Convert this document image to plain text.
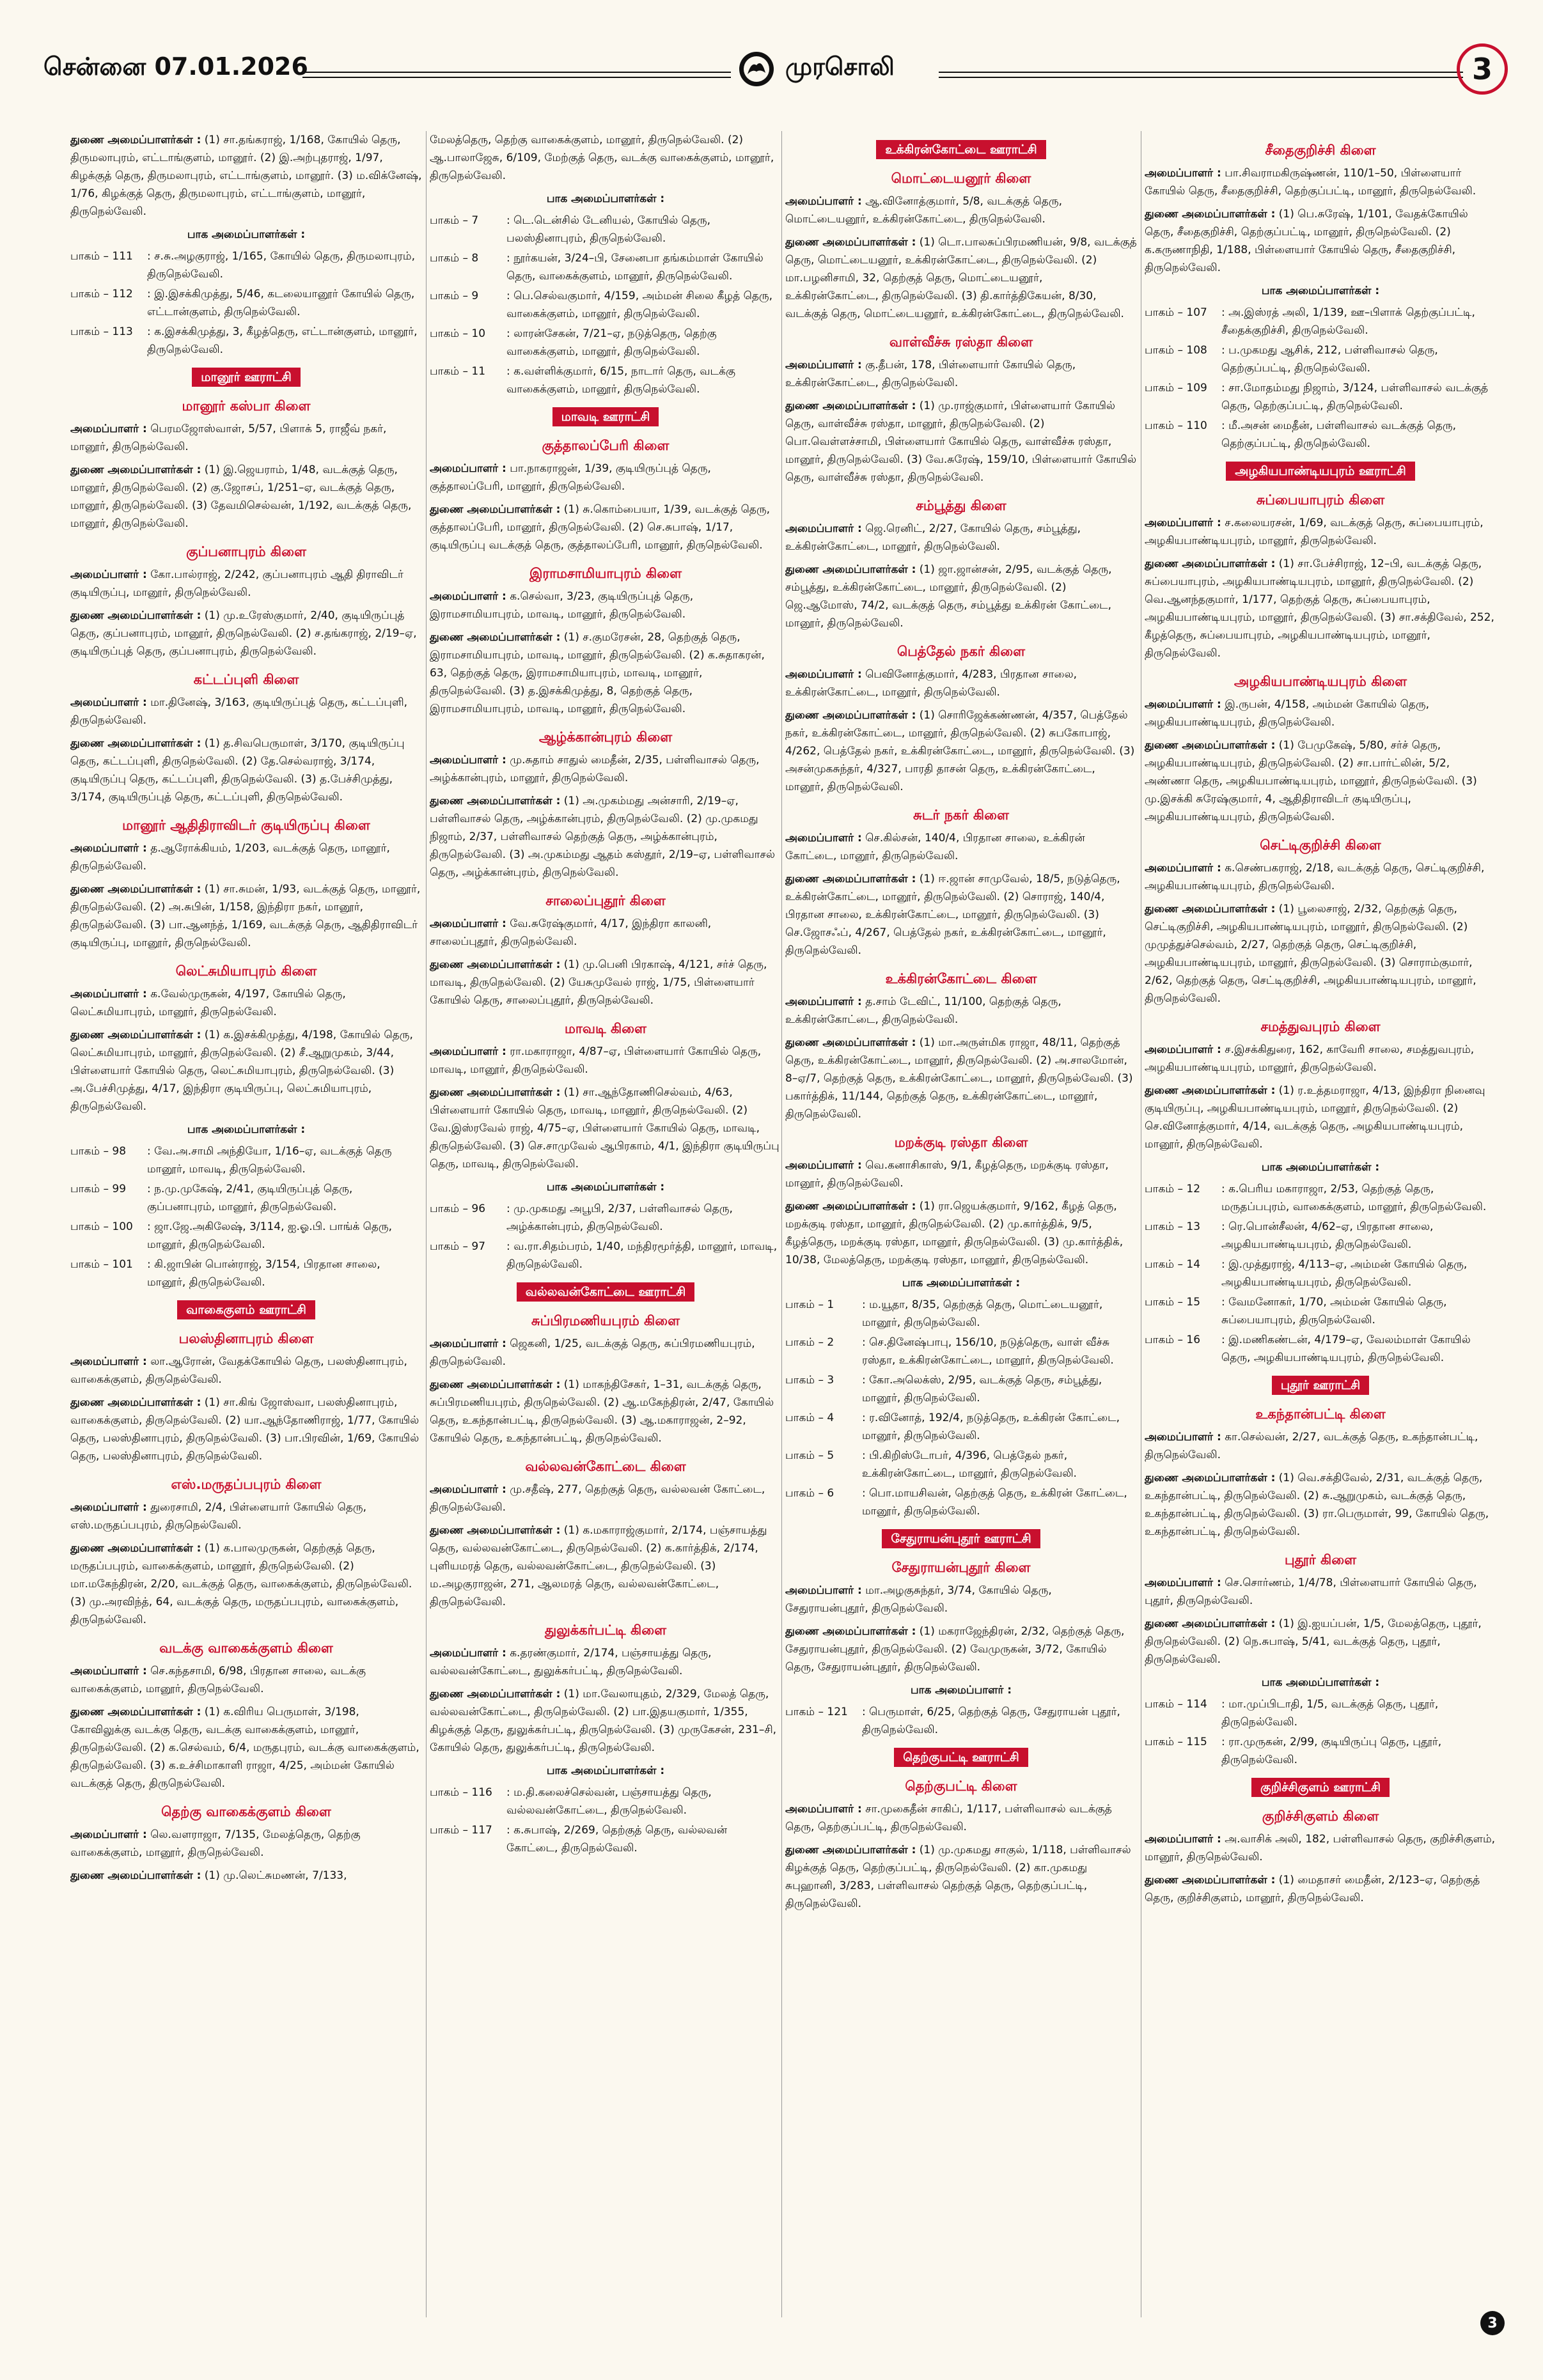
சென்னை 07.01.2026	முரசொலி	3
துணை அமைப்பாளர்கள் : (1) சா.தங்கராஜ், 1/168, கோயில் தெரு, திருமலாபுரம், எட்டாங்குளம், மானூர். (2) இ.அற்புதராஜ், 1/97, கிழக்குத் தெரு, திருமலாபுரம், எட்டாங்குளம், மானூர். (3) ம.விக்னேஷ், 1/76, கிழக்குத் தெரு, திருமலாபுரம், எட்டாங்குளம், மானூர், திருநெல்வேலி.
பாக அமைப்பாளர்கள் :
பாகம் – 111	: ச.சு.அழகுராஜ், 1/165, கோயில் தெரு, திருமலாபுரம், திருநெல்வேலி.
பாகம் – 112	: இ.இசக்கிமுத்து, 5/46, கடலையானூர் கோயில் தெரு, எட்டான்குளம், திருநெல்வேலி.
பாகம் – 113	: க.இசக்கிமுத்து, 3, கீழத்தெரு, எட்டான்குளம், மானூர், திருநெல்வேலி.
மானூர் ஊராட்சி
மானூர் கஸ்பா கிளை
அமைப்பாளர் : பெரமஜோஸ்வாள், 5/57, பிளாக் 5, ராஜீவ் நகர், மானூர், திருநெல்வேலி.
துணை அமைப்பாளர்கள் : (1) இ.ஜெயராம், 1/48, வடக்குத் தெரு, மானூர், திருநெல்வேலி. (2) கு.ஜோசப், 1/251–ஏ, வடக்குத் தெரு, மானூர், திருநெல்வேலி. (3) தேவமிசெல்வன், 1/192, வடக்குத் தெரு, மானூர், திருநெல்வேலி.
குப்பனாபுரம் கிளை
அமைப்பாளர் : கோ.பால்ராஜ், 2/242, குப்பனாபுரம் ஆதி திராவிடர் குடியிருப்பு, மானூர், திருநெல்வேலி.
துணை அமைப்பாளர்கள் : (1) மு.உரேஸ்குமார், 2/40, குடியிருப்புத் தெரு, குப்பனாபுரம், மானூர், திருநெல்வேலி. (2) ச.தங்கராஜ், 2/19–ஏ, குடியிருப்புத் தெரு, குப்பனாபுரம், திருநெல்வேலி.
கட்டப்புளி கிளை
அமைப்பாளர் : மா.தினேஷ், 3/163, குடியிருப்புத் தெரு, கட்டப்புளி, திருநெல்வேலி.
துணை அமைப்பாளர்கள் : (1) த.சிவபெருமாள், 3/170, குடியிருப்பு தெரு, கட்டப்புளி, திருநெல்வேலி. (2) தே.செல்வராஜ், 3/174, குடியிருப்பு தெரு, கட்டப்புளி, திருநெல்வேலி. (3) த.பேச்சிமுத்து, 3/174, குடியிருப்புத் தெரு, கட்டப்புளி, திருநெல்வேலி.
மானூர் ஆதிதிராவிடர் குடியிருப்பு கிளை
அமைப்பாளர் : த.ஆரோக்கியம், 1/203, வடக்குத் தெரு, மானூர், திருநெல்வேலி.
துணை அமைப்பாளர்கள் : (1) சா.சுமன், 1/93, வடக்குத் தெரு, மானூர், திருநெல்வேலி. (2) அ.சுபின், 1/158, இந்திரா நகர், மானூர், திருநெல்வேலி. (3) பா.ஆனந்த், 1/169, வடக்குத் தெரு, ஆதிதிராவிடர் குடியிருப்பு, மானூர், திருநெல்வேலி.
லெட்சுமியாபுரம் கிளை
அமைப்பாளர் : க.வேல்முருகன், 4/197, கோயில் தெரு, லெட்சுமியாபுரம், மானூர், திருநெல்வேலி.
துணை அமைப்பாளர்கள் : (1) க.இசக்கிமுத்து, 4/198, கோயில் தெரு, லெட்சுமியாபுரம், மானூர், திருநெல்வேலி. (2) சீ.ஆறுமுகம், 3/44, பிள்ளையார் கோயில் தெரு, லெட்சுமியாபுரம், திருநெல்வேலி. (3) அ.பேச்சிமுத்து, 4/17, இந்திரா குடியிருப்பு, லெட்சுமியாபுரம், திருநெல்வேலி.
பாக அமைப்பாளர்கள் :
பாகம் – 98	: வே.அ.சாமி அந்தியோ, 1/16–ஏ, வடக்குத் தெரு மானூர், மாவடி, திருநெல்வேலி.
பாகம் – 99	: ந.மு.முகேஷ், 2/41, குடியிருப்புத் தெரு, குப்பனாபுரம், மானூர், திருநெல்வேலி.
பாகம் – 100	: ஜா.ஜே.அகிலேஷ், 3/114, ஐ.ஓ.பி. பாங்க் தெரு, மானூர், திருநெல்வேலி.
பாகம் – 101	: கி.ஜாபின் பொன்ராஜ், 3/154, பிரதான சாலை, மானூர், திருநெல்வேலி.
வாகைகுளம் ஊராட்சி
பலஸ்தினாபுரம் கிளை
அமைப்பாளர் : லா.ஆரோன், வேதக்கோயில் தெரு, பலஸ்தினாபுரம், வாகைக்குளம், திருநெல்வேலி.
துணை அமைப்பாளர்கள் : (1) சா.கிங் ஜோஸ்வா, பலஸ்தினாபுரம், வாகைக்குளம், திருநெல்வேலி. (2) யா.ஆந்தோணிராஜ், 1/77, கோயில் தெரு, பலஸ்தினாபுரம், திருநெல்வேலி. (3) பா.பிரவின், 1/69, கோயில் தெரு, பலஸ்தினாபுரம், திருநெல்வேலி.
எஸ்.மருதப்பபுரம் கிளை
அமைப்பாளர் : துரைசாமி, 2/4, பிள்ளையார் கோயில் தெரு, எஸ்.மருதப்பபுரம், திருநெல்வேலி.
துணை அமைப்பாளர்கள் : (1) க.பாலமுருகன், தெற்குத் தெரு, மருதப்பபுரம், வாகைக்குளம், மானூர், திருநெல்வேலி. (2) மா.மகேந்திரன், 2/20, வடக்குத் தெரு, வாகைக்குளம், திருநெல்வேலி. (3) மு.அரவிந்த், 64, வடக்குத் தெரு, மருதப்பபுரம், வாகைக்குளம், திருநெல்வேலி.
வடக்கு வாகைக்குளம் கிளை
அமைப்பாளர் : செ.கந்தசாமி, 6/98, பிரதான சாலை, வடக்கு வாகைக்குளம், மானூர், திருநெல்வேலி.
துணை அமைப்பாளர்கள் : (1) க.விரிய பெருமாள், 3/198, கோவிலுக்கு வடக்கு தெரு, வடக்கு வாகைக்குளம், மானூர், திருநெல்வேலி. (2) க.செல்வம், 6/4, மருதபுரம், வடக்கு வாகைக்குளம், திருநெல்வேலி. (3) க.உச்சிமாகாளி ராஜா, 4/25, அம்மன் கோயில் வடக்குத் தெரு, திருநெல்வேலி.
தெற்கு வாகைக்குளம் கிளை
அமைப்பாளர் : லெ.வளராஜா, 7/135, மேலத்தெரு, தெற்கு வாகைக்குளம், மானூர், திருநெல்வேலி.
துணை அமைப்பாளர்கள் : (1) மு.லெட்சுமணன், 7/133,
மேலத்தெரு, தெற்கு வாகைக்குளம், மானூர், திருநெல்வேலி. (2) ஆ.பாலாஜேசு, 6/109, மேற்குத் தெரு, வடக்கு வாகைக்குளம், மானூர், திருநெல்வேலி.
பாக அமைப்பாளர்கள் :
பாகம் – 7	: டெ.டென்சில் டேனியல், கோயில் தெரு, பலஸ்தினாபுரம், திருநெல்வேலி.
பாகம் – 8	: நூர்கயன், 3/24–பி, சேனைபா தங்கம்மாள் கோயில் தெரு, வாகைக்குளம், மானூர், திருநெல்வேலி.
பாகம் – 9	: பெ.செல்வகுமார், 4/159, அம்மன் சிலை கீழத் தெரு, வாகைக்குளம், மானூர், திருநெல்வேலி.
பாகம் – 10	: லாரன்சேகன், 7/21–ஏ, நடுத்தெரு, தெற்கு வாகைக்குளம், மானூர், திருநெல்வேலி.
பாகம் – 11	: க.வள்ளிக்குமார், 6/15, நாடார் தெரு, வடக்கு வாகைக்குளம், மானூர், திருநெல்வேலி.
மாவடி ஊராட்சி
குத்தாலப்பேரி கிளை
அமைப்பாளர் : பா.நாகராஜன், 1/39, குடியிருப்புத் தெரு, குத்தாலப்பேரி, மானூர், திருநெல்வேலி.
துணை அமைப்பாளர்கள் : (1) சு.கொம்பையா, 1/39, வடக்குத் தெரு, குத்தாலப்பேரி, மானூர், திருநெல்வேலி. (2) செ.சுபாஷ், 1/17, குடியிருப்பு வடக்குத் தெரு, குத்தாலப்பேரி, மானூர், திருநெல்வேலி.
இராமசாமியாபுரம் கிளை
அமைப்பாளர் : க.செல்வா, 3/23, குடியிருப்புத் தெரு, இராமசாமியாபுரம், மாவடி, மானூர், திருநெல்வேலி.
துணை அமைப்பாளர்கள் : (1) ச.குமரேசன், 28, தெற்குத் தெரு, இராமசாமியாபுரம், மாவடி, மானூர், திருநெல்வேலி. (2) க.சுதாகரன், 63, தெற்குத் தெரு, இராமசாமியாபுரம், மாவடி, மானூர், திருநெல்வேலி. (3) த.இசக்கிமுத்து, 8, தெற்குத் தெரு, இராமசாமியாபுரம், மாவடி, மானூர், திருநெல்வேலி.
ஆழ்க்கான்புரம் கிளை
அமைப்பாளர் : மு.சுதாம் சாதுல் மைதீன், 2/35, பள்ளிவாசல் தெரு, அழ்க்கான்புரம், மானூர், திருநெல்வேலி.
துணை அமைப்பாளர்கள் : (1) அ.முகம்மது அன்சாரி, 2/19–ஏ, பள்ளிவாசல் தெரு, அழ்க்கான்புரம், திருநெல்வேலி. (2) மு.முகமது நிஜாம், 2/37, பள்ளிவாசல் தெற்குத் தெரு, அழ்க்கான்புரம், திருநெல்வேலி. (3) அ.முகம்மது ஆதம் கஸ்தூர், 2/19–ஏ, பள்ளிவாசல் தெரு, அழ்க்கான்புரம், திருநெல்வேலி.
சாலைப்புதூர் கிளை
அமைப்பாளர் : வே.சுரேஷ்குமார், 4/17, இந்திரா காலனி, சாலைப்புதூர், திருநெல்வேலி.
துணை அமைப்பாளர்கள் : (1) மு.பெனி பிரகாஷ், 4/121, சர்ச் தெரு, மாவடி, திருநெல்வேலி. (2) யேசுமுவேல் ராஜ், 1/75, பிள்ளையார் கோயில் தெரு, சாலைப்புதூர், திருநெல்வேலி.
மாவடி கிளை
அமைப்பாளர் : ரா.மகாராஜா, 4/87–ஏ, பிள்ளையார் கோயில் தெரு, மாவடி, மானூர், திருநெல்வேலி.
துணை அமைப்பாளர்கள் : (1) சா.ஆந்தோணிசெல்வம், 4/63, பிள்ளையார் கோயில் தெரு, மாவடி, மானூர், திருநெல்வேலி. (2) வே.இஸ்ரவேல் ராஜ், 4/75–ஏ, பிள்ளையார் கோயில் தெரு, மாவடி, திருநெல்வேலி. (3) செ.சாமுவேல் ஆபிரகாம், 4/1, இந்திரா குடியிருப்பு தெரு, மாவடி, திருநெல்வேலி.
பாக அமைப்பாளர்கள் :
பாகம் – 96	: மு.முகமது அபூபி, 2/37, பள்ளிவாசல் தெரு, அழ்க்கான்புரம், திருநெல்வேலி.
பாகம் – 97	: வ.ரா.சிதம்பரம், 1/40, மந்திரமூர்த்தி, மானூர், மாவடி, திருநெல்வேலி.
வல்லவன்கோட்டை ஊராட்சி
சுப்பிரமணியபுரம் கிளை
அமைப்பாளர் : ஜெகனி, 1/25, வடக்குத் தெரு, சுப்பிரமணியபுரம், திருநெல்வேலி.
துணை அமைப்பாளர்கள் : (1) மாகந்திசேகர், 1–31, வடக்குத் தெரு, சுப்பிரமணியபுரம், திருநெல்வேலி. (2) ஆ.மகேந்திரன், 2/47, கோயில் தெரு, உகந்தான்பட்டி, திருநெல்வேலி. (3) ஆ.மகாராஜன், 2–92, கோயில் தெரு, உகந்தான்பட்டி, திருநெல்வேலி.
வல்லவன்கோட்டை கிளை
அமைப்பாளர் : மு.சதீஷ், 277, தெற்குத் தெரு, வல்லவன் கோட்டை, திருநெல்வேலி.
துணை அமைப்பாளர்கள் : (1) க.மகாராஜ்குமார், 2/174, பஞ்சாயத்து தெரு, வல்லவன்கோட்டை, திருநெல்வேலி. (2) க.கார்த்திக், 2/174, புளியமரத் தெரு, வல்லவன்கோட்டை, திருநெல்வேலி. (3) ம.அழகுராஜன், 271, ஆலமரத் தெரு, வல்லவன்கோட்டை, திருநெல்வேலி.
துலுக்கர்பட்டி கிளை
அமைப்பாளர் : க.தரண்குமார், 2/174, பஞ்சாயத்து தெரு, வல்லவன்கோட்டை, துலுக்கர்பட்டி, திருநெல்வேலி.
துணை அமைப்பாளர்கள் : (1) மா.வேலாயுதம், 2/329, மேலத் தெரு, வல்லவன்கோட்டை, திருநெல்வேலி. (2) பா.இதயகுமார், 1/355, கிழக்குத் தெரு, துலுக்கர்பட்டி, திருநெல்வேலி. (3) முருகேசன், 231–சி, கோயில் தெரு, துலுக்கர்பட்டி, திருநெல்வேலி.
பாக அமைப்பாளர்கள் :
பாகம் – 116	: ம.தி.கலைச்செல்வன், பஞ்சாயத்து தெரு, வல்லவன்கோட்டை, திருநெல்வேலி.
பாகம் – 117	: க.சுபாஷ், 2/269, தெற்குத் தெரு, வல்லவன் கோட்டை, திருநெல்வேலி.
உக்கிரன்கோட்டை ஊராட்சி
மொட்டையனூர் கிளை
அமைப்பாளர் : ஆ.வினோத்குமார், 5/8, வடக்குத் தெரு, மொட்டையனூர், உக்கிரன்கோட்டை, திருநெல்வேலி.
துணை அமைப்பாளர்கள் : (1) டொ.பாலசுப்பிரமணியன், 9/8, வடக்குத் தெரு, மொட்டையனூர், உக்கிரன்கோட்டை, திருநெல்வேலி. (2) மா.பழனிசாமி, 32, தெற்குத் தெரு, மொட்டையனூர், உக்கிரன்கோட்டை, திருநெல்வேலி. (3) தி.கார்த்திகேயன், 8/30, வடக்குத் தெரு, மொட்டையனூர், உக்கிரன்கோட்டை, திருநெல்வேலி.
வாள்வீச்சு ரஸ்தா கிளை
அமைப்பாளர் : கு.தீபன், 178, பிள்ளையார் கோயில் தெரு, உக்கிரன்கோட்டை, திருநெல்வேலி.
துணை அமைப்பாளர்கள் : (1) மு.ராஜ்குமார், பிள்ளையார் கோயில் தெரு, வாள்வீச்சு ரஸ்தா, மானூர், திருநெல்வேலி. (2) பொ.வெள்ளச்சாமி, பிள்ளையார் கோயில் தெரு, வாள்வீச்சு ரஸ்தா, மானூர், திருநெல்வேலி. (3) வே.சுரேஷ், 159/10, பிள்ளையார் கோயில் தெரு, வாள்வீச்சு ரஸ்தா, திருநெல்வேலி.
சம்பூத்து கிளை
அமைப்பாளர் : ஜெ.ரெனிட், 2/27, கோயில் தெரு, சம்பூத்து, உக்கிரன்கோட்டை, மானூர், திருநெல்வேலி.
துணை அமைப்பாளர்கள் : (1) ஜா.ஜான்சன், 2/95, வடக்குத் தெரு, சம்பூத்து, உக்கிரன்கோட்டை, மானூர், திருநெல்வேலி. (2) ஜெ.ஆமோஸ், 74/2, வடக்குத் தெரு, சம்பூத்து உக்கிரன் கோட்டை, மானூர், திருநெல்வேலி.
பெத்தேல் நகர் கிளை
அமைப்பாளர் : பெவினோத்குமார், 4/283, பிரதான சாலை, உக்கிரன்கோட்டை, மானூர், திருநெல்வேலி.
துணை அமைப்பாளர்கள் : (1) சொரிஜேக்கண்ணன், 4/357, பெத்தேல் நகர், உக்கிரன்கோட்டை, மானூர், திருநெல்வேலி. (2) சுபகோபாஜ், 4/262, பெத்தேல் நகர், உக்கிரன்கோட்டை, மானூர், திருநெல்வேலி. (3) அசன்முகசுந்தர், 4/327, பாரதி தாசன் தெரு, உக்கிரன்கோட்டை, மானூர், திருநெல்வேலி.
சுடர் நகர் கிளை
அமைப்பாளர் : செ.கில்சன், 140/4, பிரதான சாலை, உக்கிரன் கோட்டை, மானூர், திருநெல்வேலி.
துணை அமைப்பாளர்கள் : (1) ஈ.ஜான் சாமுவேல், 18/5, நடுத்தெரு, உக்கிரன்கோட்டை, மானூர், திருநெல்வேலி. (2) சொராஜ், 140/4, பிரதான சாலை, உக்கிரன்கோட்டை, மானூர், திருநெல்வேலி. (3) செ.ஜோசஃப், 4/267, பெத்தேல் நகர், உக்கிரன்கோட்டை, மானூர், திருநெல்வேலி.
உக்கிரன்கோட்டை கிளை
அமைப்பாளர் : த.சாம் டேவிட், 11/100, தெற்குத் தெரு, உக்கிரன்கோட்டை, திருநெல்வேலி.
துணை அமைப்பாளர்கள் : (1) மா.அருள்மிக ராஜா, 48/11, தெற்குத் தெரு, உக்கிரன்கோட்டை, மானூர், திருநெல்வேலி. (2) அ.சாலமோன், 8–ஏ/7, தெற்குத் தெரு, உக்கிரன்கோட்டை, மானூர், திருநெல்வேலி. (3) பகார்த்திக், 11/144, தெற்குத் தெரு, உக்கிரன்கோட்டை, மானூர், திருநெல்வேலி.
மறக்குடி ரஸ்தா கிளை
அமைப்பாளர் : வெ.கனாசிகாஸ், 9/1, கீழத்தெரு, மறக்குடி ரஸ்தா, மானூர், திருநெல்வேலி.
துணை அமைப்பாளர்கள் : (1) ரா.ஜெயக்குமார், 9/162, கீழத் தெரு, மறக்குடி ரஸ்தா, மானூர், திருநெல்வேலி. (2) மு.கார்த்திக், 9/5, கீழத்தெரு, மறக்குடி ரஸ்தா, மானூர், திருநெல்வேலி. (3) மு.கார்த்திக், 10/38, மேலத்தெரு, மறக்குடி ரஸ்தா, மானூர், திருநெல்வேலி.
பாக அமைப்பாளர்கள் :
பாகம் – 1	: ம.யூதா, 8/35, தெற்குத் தெரு, மொட்டையனூர், மானூர், திருநெல்வேலி.
பாகம் – 2	: செ.தினேஷ்பாபு, 156/10, நடுத்தெரு, வாள் வீச்சு ரஸ்தா, உக்கிரன்கோட்டை, மானூர், திருநெல்வேலி.
பாகம் – 3	: கோ.அலெக்ஸ், 2/95, வடக்குத் தெரு, சம்பூத்து, மானூர், திருநெல்வேலி.
பாகம் – 4	: ர.வினோத், 192/4, நடுத்தெரு, உக்கிரன் கோட்டை, மானூர், திருநெல்வேலி.
பாகம் – 5	: பி.கிறிஸ்டோபர், 4/396, பெத்தேல் நகர், உக்கிரன்கோட்டை, மானூர், திருநெல்வேலி.
பாகம் – 6	: பொ.மாயசிவன், தெற்குத் தெரு, உக்கிரன் கோட்டை, மானூர், திருநெல்வேலி.
சேதுராயன்புதூர் ஊராட்சி
சேதுராயன்புதூர் கிளை
அமைப்பாளர் : மா.அழகுசுந்தர், 3/74, கோயில் தெரு, சேதுராயன்புதூர், திருநெல்வேலி.
துணை அமைப்பாளர்கள் : (1) மகராஜேந்திரன், 2/32, தெற்குத் தெரு, சேதுராயன்புதூர், திருநெல்வேலி. (2) வேமுருகன், 3/72, கோயில் தெரு, சேதுராயன்புதூர், திருநெல்வேலி.
பாக அமைப்பாளர் :
பாகம் – 121	: பெருமாள், 6/25, தெற்குத் தெரு, சேதுராயன் புதூர், திருநெல்வேலி.
தெற்குபட்டி ஊராட்சி
தெற்குபட்டி கிளை
அமைப்பாளர் : சா.முகைதீன் சாகிப், 1/117, பள்ளிவாசல் வடக்குத் தெரு, தெற்குப்பட்டி, திருநெல்வேலி.
துணை அமைப்பாளர்கள் : (1) மு.முகமது சாகுல், 1/118, பள்ளிவாசல் கிழக்குத் தெரு, தெற்குப்பட்டி, திருநெல்வேலி. (2) கா.முகமது சுபுஹானி, 3/283, பள்ளிவாசல் தெற்குத் தெரு, தெற்குப்பட்டி, திருநெல்வேலி.
சீதைகுறிச்சி கிளை
அமைப்பாளர் : பா.சிவராமகிருஷ்ணன், 110/1–50, பிள்ளையார் கோயில் தெரு, சீதைகுறிச்சி, தெற்குப்பட்டி, மானூர், திருநெல்வேலி.
துணை அமைப்பாளர்கள் : (1) பெ.சுரேஷ், 1/101, வேதக்கோயில் தெரு, சீதைகுறிச்சி, தெற்குப்பட்டி, மானூர், திருநெல்வேலி. (2) க.கருணாநிதி, 1/188, பிள்ளையார் கோயில் தெரு, சீதைகுறிச்சி, திருநெல்வேலி.
பாக அமைப்பாளர்கள் :
பாகம் – 107	: அ.இஸ்ரத் அலி, 1/139, ஊ–பிளாக் தெற்குப்பட்டி, சீதைக்குறிச்சி, திருநெல்வேலி.
பாகம் – 108	: ப.முகமது ஆசிக், 212, பள்ளிவாசல் தெரு, தெற்குப்பட்டி, திருநெல்வேலி.
பாகம் – 109	: சா.மோதம்மது நிஜாம், 3/124, பள்ளிவாசல் வடக்குத் தெரு, தெற்குப்பட்டி, திருநெல்வேலி.
பாகம் – 110	: மீ.அசன் மைதீன், பள்ளிவாசல் வடக்குத் தெரு, தெற்குப்பட்டி, திருநெல்வேலி.
அழகியபாண்டியபுரம் ஊராட்சி
சுப்பையாபுரம் கிளை
அமைப்பாளர் : ச.கலையரசன், 1/69, வடக்குத் தெரு, சுப்பையாபுரம், அழகியபாண்டியபுரம், மானூர், திருநெல்வேலி.
துணை அமைப்பாளர்கள் : (1) சா.பேச்சிராஜ், 12–பி, வடக்குத் தெரு, சுப்பையாபுரம், அழகியபாண்டியபுரம், மானூர், திருநெல்வேலி. (2) வெ.ஆனந்தகுமார், 1/177, தெற்குத் தெரு, சுப்பையாபுரம், அழகியபாண்டியபுரம், மானூர், திருநெல்வேலி. (3) சா.சக்திவேல், 252, கீழத்தெரு, சுப்பையாபுரம், அழகியபாண்டியபுரம், மானூர், திருநெல்வேலி.
அழகியபாண்டியபுரம் கிளை
அமைப்பாளர் : இ.ருபன், 4/158, அம்மன் கோயில் தெரு, அழகியபாண்டியபுரம், திருநெல்வேலி.
துணை அமைப்பாளர்கள் : (1) பேமுகேஷ், 5/80, சர்ச் தெரு, அழகியபாண்டியபுரம், திருநெல்வேலி. (2) சா.பார்ட்லின், 5/2, அண்ணா தெரு, அழகியபாண்டியபுரம், மானூர், திருநெல்வேலி. (3) மு.இசக்கி சுரேஷ்குமார், 4, ஆதிதிராவிடர் குடியிருப்பு, அழகியபாண்டியபுரம், திருநெல்வேலி.
செட்டிகுறிச்சி கிளை
அமைப்பாளர் : க.செண்பகராஜ், 2/18, வடக்குத் தெரு, செட்டிகுறிச்சி, அழகியபாண்டியபுரம், திருநெல்வேலி.
துணை அமைப்பாளர்கள் : (1) பூலைசாஜ், 2/32, தெற்குத் தெரு, செட்டிகுறிச்சி, அழகியபாண்டியபுரம், மானூர், திருநெல்வேலி. (2) முமுத்துச்செல்வம், 2/27, தெற்குத் தெரு, செட்டிகுறிச்சி, அழகியபாண்டியபுரம், மானூர், திருநெல்வேலி. (3) சொராம்குமார், 2/62, தெற்குத் தெரு, செட்டிகுறிச்சி, அழகியபாண்டியபுரம், மானூர், திருநெல்வேலி.
சமத்துவபுரம் கிளை
அமைப்பாளர் : ச.இசக்கிதுரை, 162, காவேரி சாலை, சமத்துவபுரம், அழகியபாண்டியபுரம், மானூர், திருநெல்வேலி.
துணை அமைப்பாளர்கள் : (1) ர.உத்தமராஜா, 4/13, இந்திரா நினைவு குடியிருப்பு, அழகியபாண்டியபுரம், மானூர், திருநெல்வேலி. (2) செ.வினோத்குமார், 4/14, வடக்குத் தெரு, அழகியபாண்டியபுரம், மானூர், திருநெல்வேலி.
பாக அமைப்பாளர்கள் :
பாகம் – 12	: க.பெரிய மகாராஜா, 2/53, தெற்குத் தெரு, மருதப்பபுரம், வாகைக்குளம், மானூர், திருநெல்வேலி.
பாகம் – 13	: ரெ.பொன்சீலன், 4/62–ஏ, பிரதான சாலை, அழகியபாண்டியபுரம், திருநெல்வேலி.
பாகம் – 14	: இ.முத்துராஜ், 4/113–ஏ, அம்மன் கோயில் தெரு, அழகியபாண்டியபுரம், திருநெல்வேலி.
பாகம் – 15	: வேமனோகர், 1/70, அம்மன் கோயில் தெரு, சுப்பையாபுரம், திருநெல்வேலி.
பாகம் – 16	: இ.மணிகண்டன், 4/179–ஏ, வேலம்மாள் கோயில் தெரு, அழகியபாண்டியபுரம், திருநெல்வேலி.
புதூர் ஊராட்சி
உகந்தான்பட்டி கிளை
அமைப்பாளர் : கா.செல்வன், 2/27, வடக்குத் தெரு, உகந்தான்பட்டி, திருநெல்வேலி.
துணை அமைப்பாளர்கள் : (1) வெ.சக்திவேல், 2/31, வடக்குத் தெரு, உகந்தான்பட்டி, திருநெல்வேலி. (2) சு.ஆறுமுகம், வடக்குத் தெரு, உகந்தான்பட்டி, திருநெல்வேலி. (3) ரா.பெருமாள், 99, கோயில் தெரு, உகந்தான்பட்டி, திருநெல்வேலி.
புதூர் கிளை
அமைப்பாளர் : செ.சொர்ணம், 1/4/78, பிள்ளையார் கோயில் தெரு, புதூர், திருநெல்வேலி.
துணை அமைப்பாளர்கள் : (1) இ.ஐயப்பன், 1/5, மேலத்தெரு, புதூர், திருநெல்வேலி. (2) நெ.சுபாஷ், 5/41, வடக்குத் தெரு, புதூர், திருநெல்வேலி.
பாக அமைப்பாளர்கள் :
பாகம் – 114	: மா.முப்பிடாதி, 1/5, வடக்குத் தெரு, புதூர், திருநெல்வேலி.
பாகம் – 115	: ரா.முருகன், 2/99, குடியிருப்பு தெரு, புதூர், திருநெல்வேலி.
குறிச்சிகுளம் ஊராட்சி
குறிச்சிகுளம் கிளை
அமைப்பாளர் : அ.வாசிக் அலி, 182, பள்ளிவாசல் தெரு, குறிச்சிகுளம், மானூர், திருநெல்வேலி.
துணை அமைப்பாளர்கள் : (1) மைதாசர் மைதீன், 2/123–ஏ, தெற்குத் தெரு, குறிச்சிகுளம், மானூர், திருநெல்வேலி.
3
